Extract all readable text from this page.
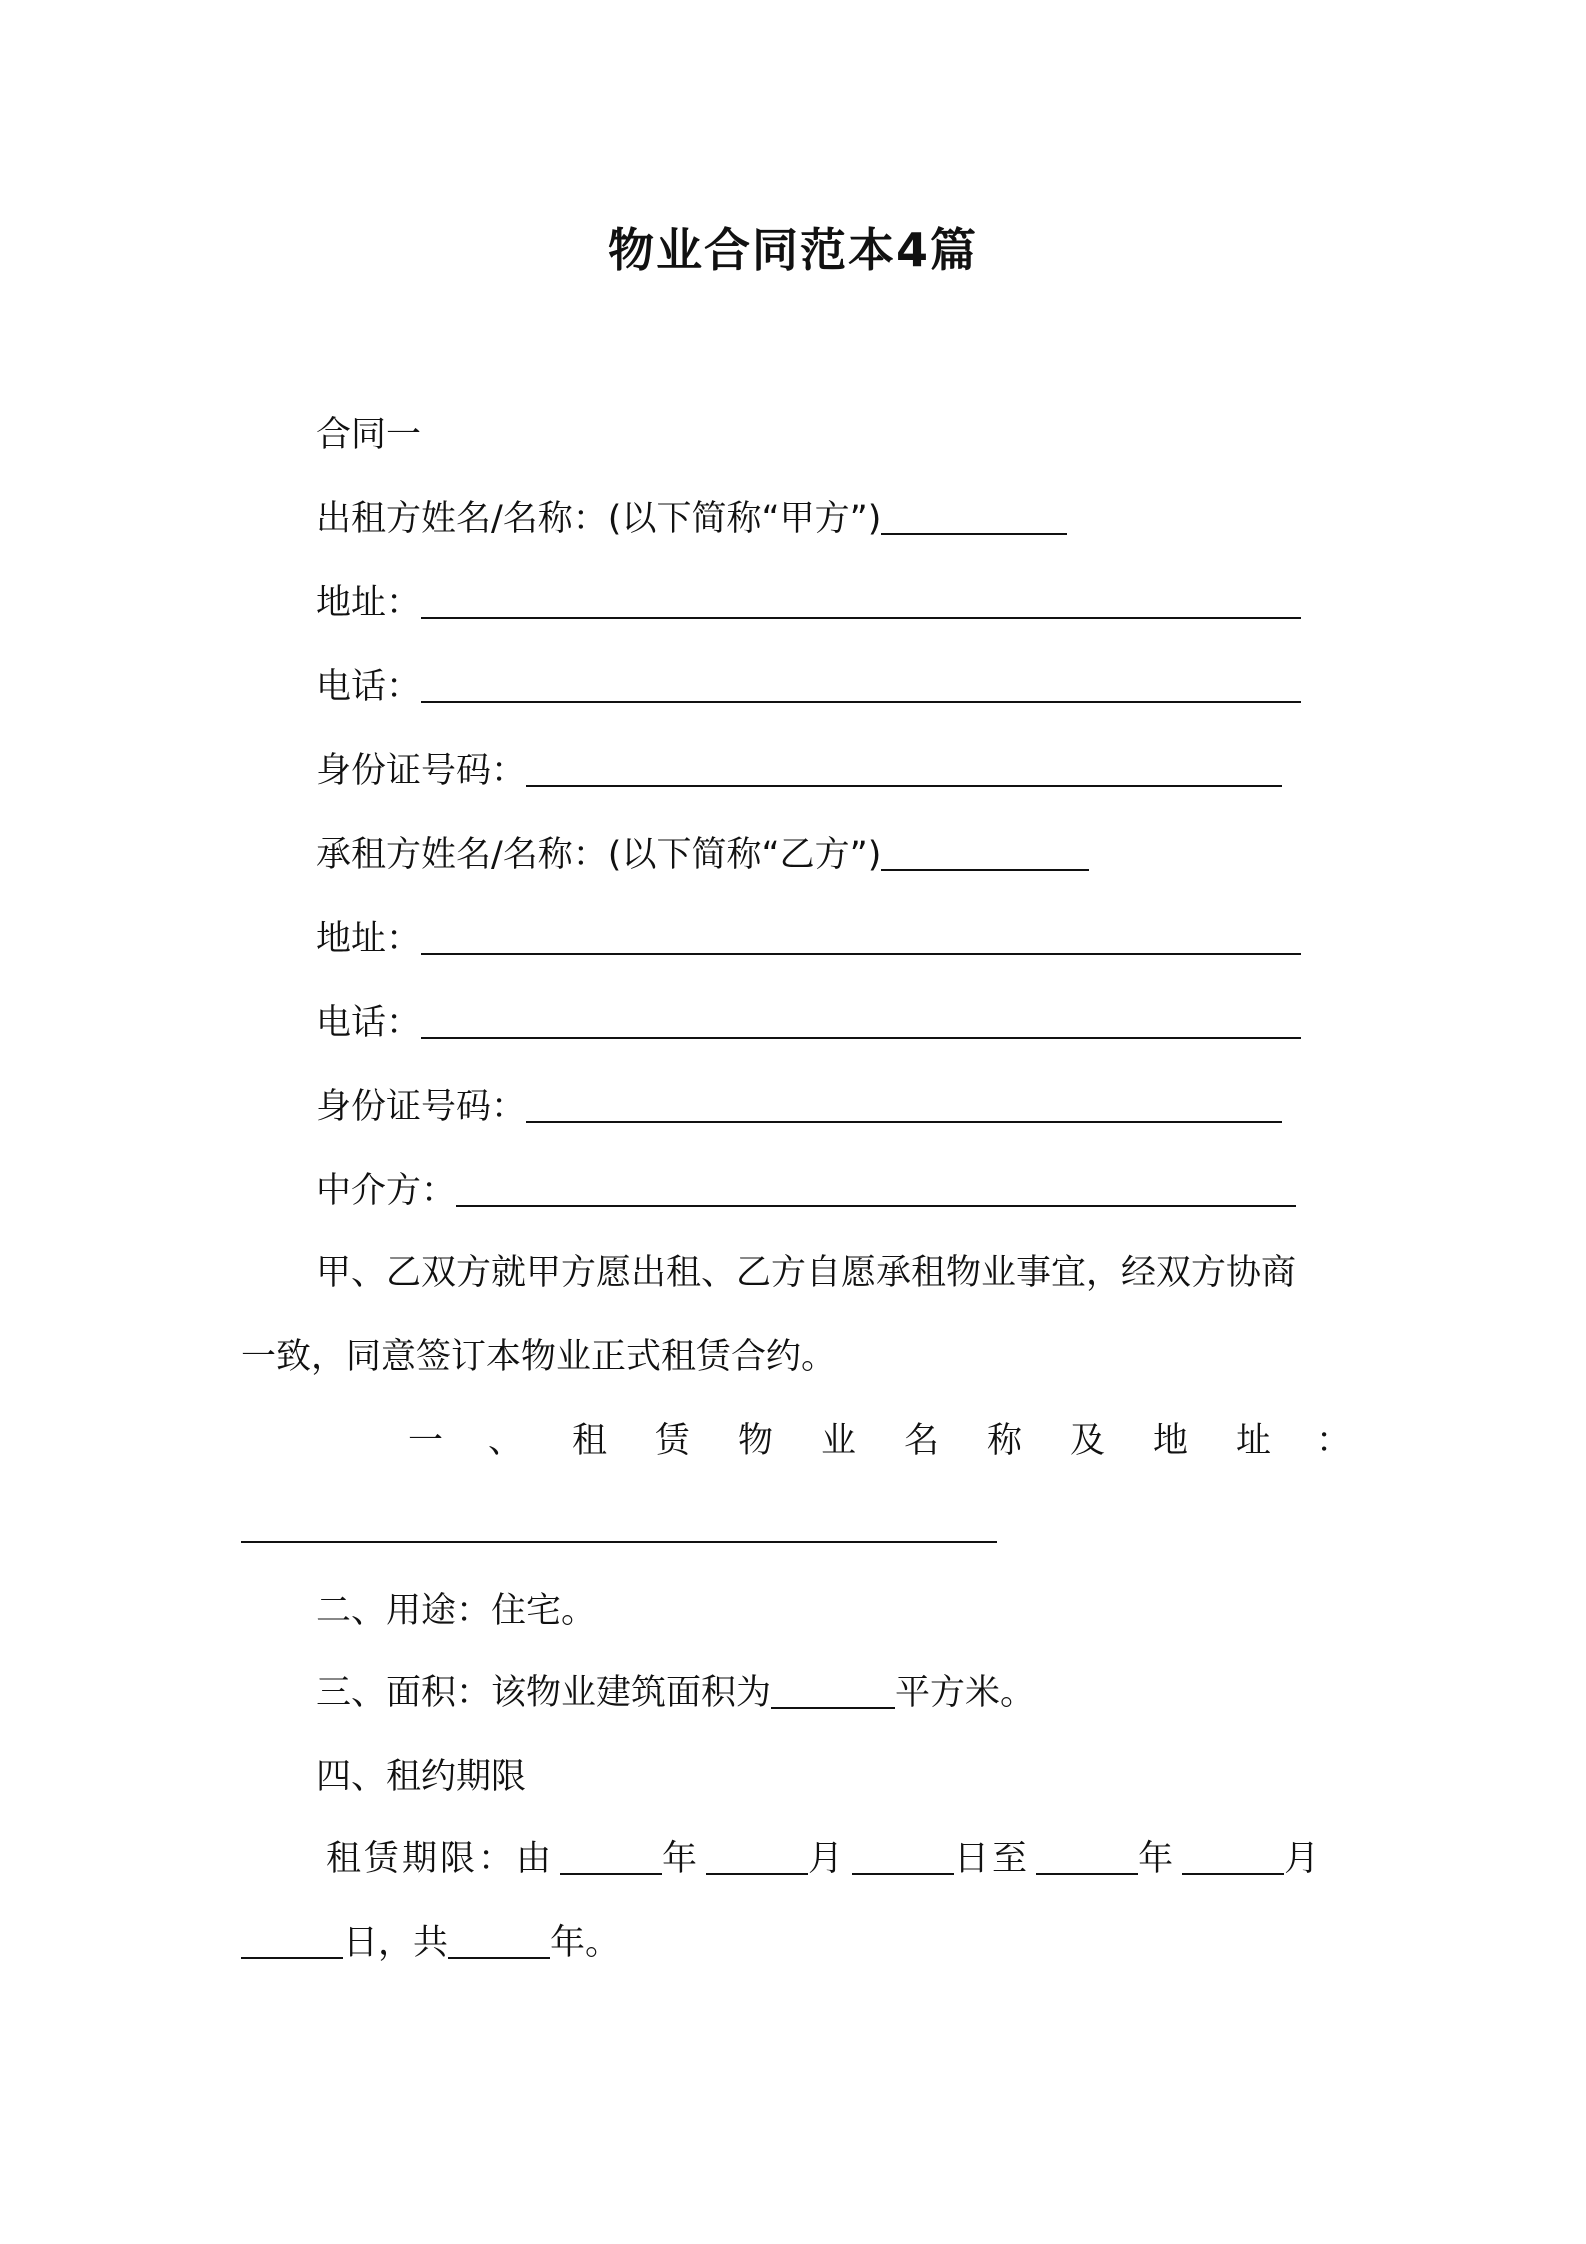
物业合同范本4篇
合同一
出租方姓名/名称：(以下简称“甲方”)
地址：
电话：
身份证号码：
承租方姓名/名称：(以下简称“乙方”)
地址：
电话：
身份证号码：
中介方：
甲、乙双方就甲方愿出租、乙方自愿承租物业事宜，经双方协商
一致，同意签订本物业正式租赁合约。
一 、 租 赁 物 业 名 称 及 地 址 ：
二、用途：住宅。
三、面积：该物业建筑面积为	平方米。
四、租约期限
租赁期限：由	年	月	日至	年	月
日，共	年。
